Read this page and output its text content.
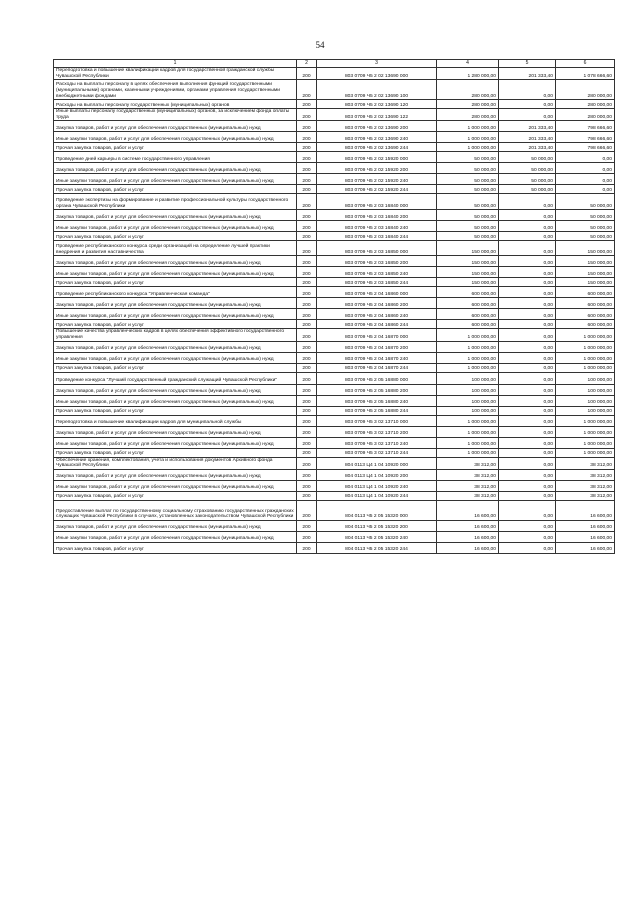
54
1	2	3	4	5	6
Переподготовка и повышение квалификации кадров для государственной гражданской службы Чувашской Республики	200	803 0709 Ч5 2 02 13690 000	1 280 000,00	201 333,40	1 078 666,60
Расходы на выплаты персоналу в целях обеспечения выполнения функций государственными (муниципальными) органами, казенными учреждениями, органами управления государственными внебюджетными фондами	200	803 0709 Ч5 2 02 13690 100	280 000,00	0,00	280 000,00
Расходы на выплаты персоналу государственных (муниципальных) органов	200	803 0709 Ч5 2 02 13690 120	280 000,00	0,00	280 000,00
Иные выплаты персоналу государственных (муниципальных) органов, за исключением фонда оплаты труда	200	803 0709 Ч5 2 02 13690 122	280 000,00	0,00	280 000,00
Закупка товаров, работ и услуг для обеспечения государственных (муниципальных) нужд	200	803 0709 Ч5 2 02 13690 200	1 000 000,00	201 333,40	798 666,60
Иные закупки товаров, работ и услуг для обеспечения государственных (муниципальных) нужд	200	803 0709 Ч5 2 02 13690 240	1 000 000,00	201 333,40	798 666,60
Прочая закупка товаров, работ и услуг	200	803 0709 Ч5 2 02 13690 244	1 000 000,00	201 333,40	798 666,60
Проведение дней карьеры в системе государственного управления	200	803 0709 Ч5 2 02 15920 000	50 000,00	50 000,00	0,00
Закупка товаров, работ и услуг для обеспечения государственных (муниципальных) нужд	200	803 0709 Ч5 2 02 15920 200	50 000,00	50 000,00	0,00
Иные закупки товаров, работ и услуг для обеспечения государственных (муниципальных) нужд	200	803 0709 Ч5 2 02 15920 240	50 000,00	50 000,00	0,00
Прочая закупка товаров, работ и услуг	200	803 0709 Ч5 2 02 15920 244	50 000,00	50 000,00	0,00
Проведение экспертизы на формирование и развитие профессиональной культуры государственного органа Чувашской Республики	200	803 0709 Ч5 2 03 16840 000	50 000,00	0,00	50 000,00
Закупка товаров, работ и услуг для обеспечения государственных (муниципальных) нужд	200	803 0709 Ч5 2 03 16840 200	50 000,00	0,00	50 000,00
Иные закупки товаров, работ и услуг для обеспечения государственных (муниципальных) нужд	200	803 0709 Ч5 2 03 16840 240	50 000,00	0,00	50 000,00
Прочая закупка товаров, работ и услуг	200	803 0709 Ч5 2 03 16840 244	50 000,00	0,00	50 000,00
Проведение республиканского конкурса среди организаций на определение лучшей практики внедрения и развития наставничества	200	803 0709 Ч5 2 03 16850 000	150 000,00	0,00	150 000,00
Закупка товаров, работ и услуг для обеспечения государственных (муниципальных) нужд	200	803 0709 Ч5 2 03 16850 200	150 000,00	0,00	150 000,00
Иные закупки товаров, работ и услуг для обеспечения государственных (муниципальных) нужд	200	803 0709 Ч5 2 03 16850 240	150 000,00	0,00	150 000,00
Прочая закупка товаров, работ и услуг	200	803 0709 Ч5 2 03 16850 244	150 000,00	0,00	150 000,00
Проведение республиканского конкурса "Управленческая команда"	200	803 0709 Ч5 2 04 16860 000	600 000,00	0,00	600 000,00
Закупка товаров, работ и услуг для обеспечения государственных (муниципальных) нужд	200	803 0709 Ч5 2 04 16860 200	600 000,00	0,00	600 000,00
Иные закупки товаров, работ и услуг для обеспечения государственных (муниципальных) нужд	200	803 0709 Ч5 2 04 16860 240	600 000,00	0,00	600 000,00
Прочая закупка товаров, работ и услуг	200	803 0709 Ч5 2 04 16860 244	600 000,00	0,00	600 000,00
Повышение качества управленческих кадров в целях обеспечения эффективного государственного управления	200	803 0709 Ч5 2 04 16870 000	1 000 000,00	0,00	1 000 000,00
Закупка товаров, работ и услуг для обеспечения государственных (муниципальных) нужд	200	803 0709 Ч5 2 04 16870 200	1 000 000,00	0,00	1 000 000,00
Иные закупки товаров, работ и услуг для обеспечения государственных (муниципальных) нужд	200	803 0709 Ч5 2 04 16870 240	1 000 000,00	0,00	1 000 000,00
Прочая закупка товаров, работ и услуг	200	803 0709 Ч5 2 04 16870 244	1 000 000,00	0,00	1 000 000,00
Проведение конкурса "Лучший государственный гражданский служащий Чувашской Республики"	200	803 0709 Ч5 2 05 16880 000	100 000,00	0,00	100 000,00
Закупка товаров, работ и услуг для обеспечения государственных (муниципальных) нужд	200	803 0709 Ч5 2 05 16880 200	100 000,00	0,00	100 000,00
Иные закупки товаров, работ и услуг для обеспечения государственных (муниципальных) нужд	200	803 0709 Ч5 2 05 16880 240	100 000,00	0,00	100 000,00
Прочая закупка товаров, работ и услуг	200	803 0709 Ч5 2 05 16880 244	100 000,00	0,00	100 000,00
Переподготовка и повышение квалификации кадров для муниципальной службы	200	803 0709 Ч5 3 02 13710 000	1 000 000,00	0,00	1 000 000,00
Закупка товаров, работ и услуг для обеспечения государственных (муниципальных) нужд	200	803 0709 Ч5 3 02 13710 200	1 000 000,00	0,00	1 000 000,00
Иные закупки товаров, работ и услуг для обеспечения государственных (муниципальных) нужд	200	803 0709 Ч5 3 02 13710 240	1 000 000,00	0,00	1 000 000,00
Прочая закупка товаров, работ и услуг	200	803 0709 Ч5 3 02 13710 244	1 000 000,00	0,00	1 000 000,00
Обеспечение хранения, комплектования, учета и использования документов Архивного фонда Чувашской Республики	200	804 0113 Ц4 1 04 10920 000	38 312,00	0,00	38 312,00
Закупка товаров, работ и услуг для обеспечения государственных (муниципальных) нужд	200	804 0113 Ц4 1 04 10920 200	38 312,00	0,00	38 312,00
Иные закупки товаров, работ и услуг для обеспечения государственных (муниципальных) нужд	200	804 0113 Ц4 1 04 10920 240	38 312,00	0,00	38 312,00
Прочая закупка товаров, работ и услуг	200	804 0113 Ц4 1 04 10920 244	38 312,00	0,00	38 312,00
Предоставление выплат по государственному социальному страхованию государственных гражданских служащих Чувашской Республики в случаях, установленных законодательством Чувашской Республики	200	804 0113 Ч5 2 05 15320 000	16 600,00	0,00	16 600,00
Закупка товаров, работ и услуг для обеспечения государственных (муниципальных) нужд	200	804 0113 Ч5 2 05 15320 200	16 600,00	0,00	16 600,00
Иные закупки товаров, работ и услуг для обеспечения государственных (муниципальных) нужд	200	804 0113 Ч5 2 05 15320 240	16 600,00	0,00	16 600,00
Прочая закупка товаров, работ и услуг	200	804 0113 Ч5 2 05 15320 244	16 600,00	0,00	16 600,00
